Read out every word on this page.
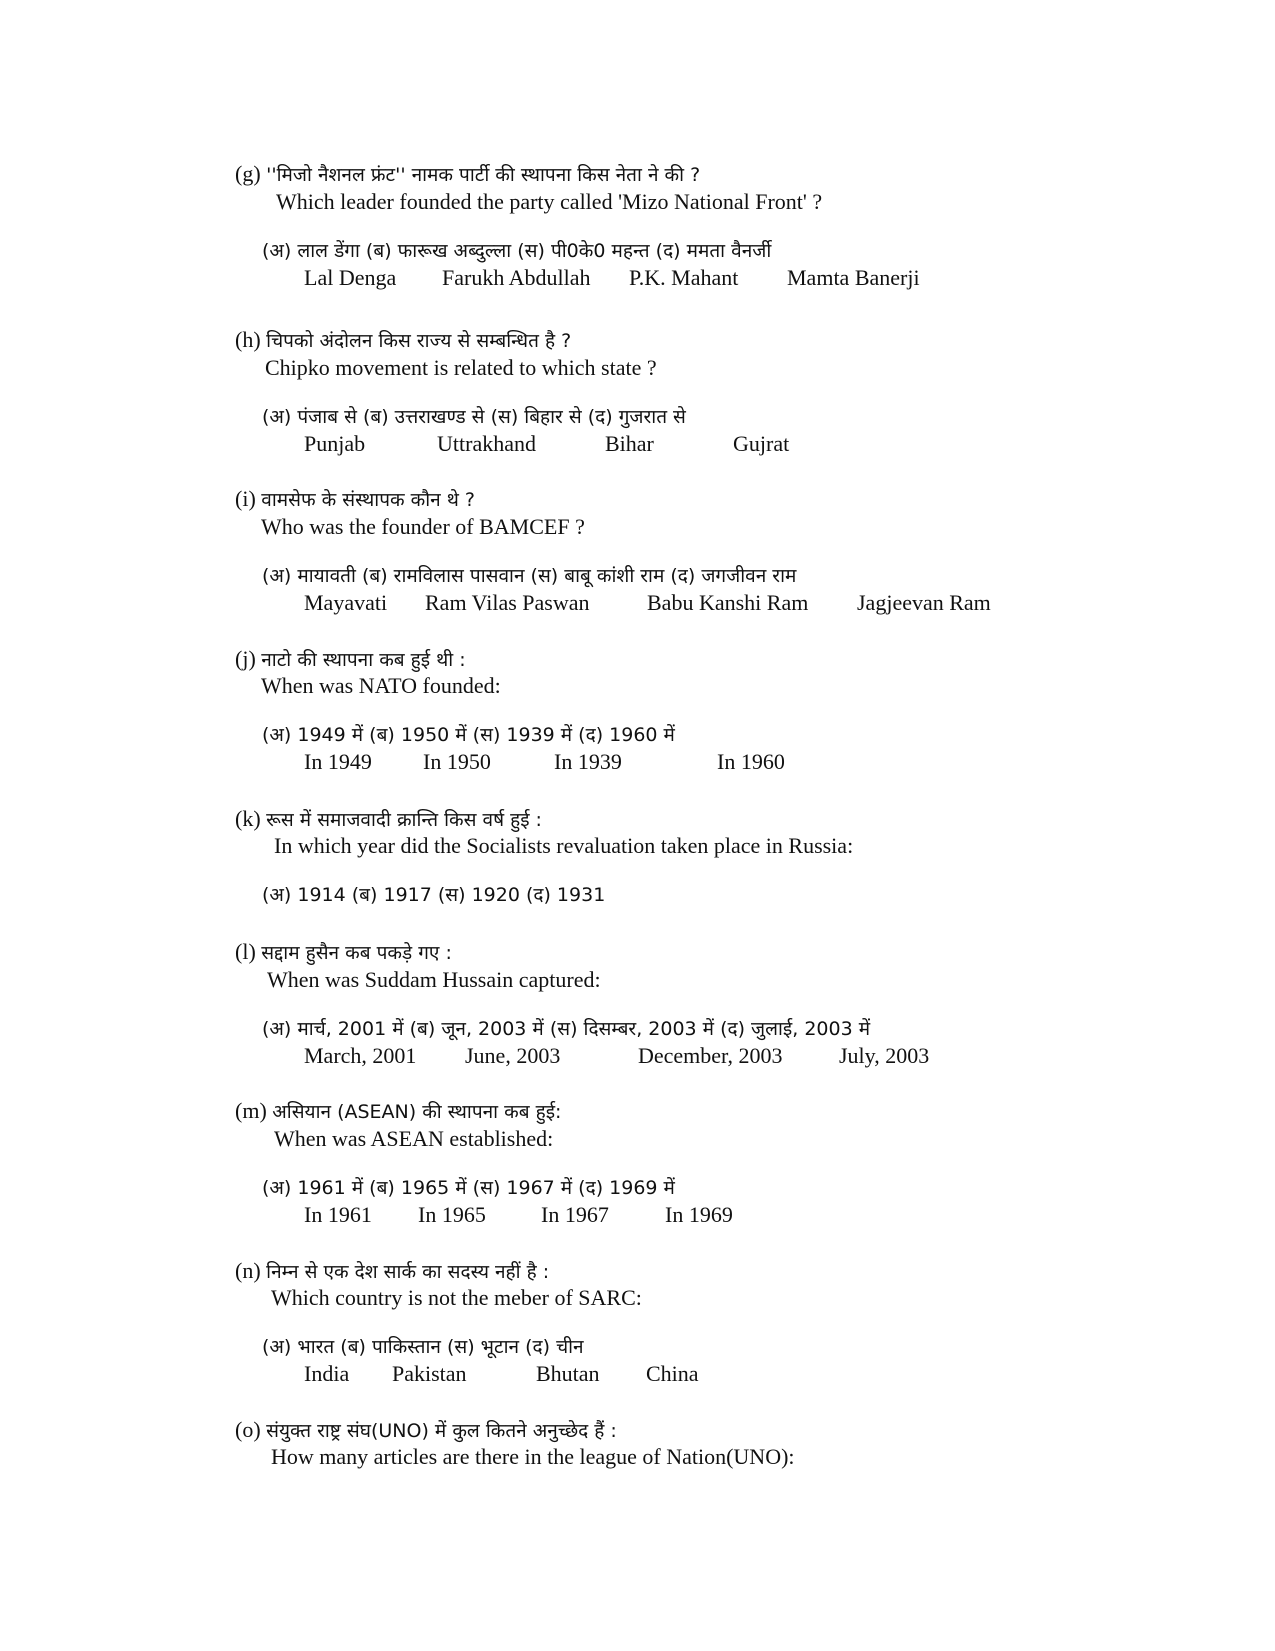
(g) ''मिजो नैशनल फ्रंट'' नामक पार्टी की स्थापना किस नेता ने की ?
Which leader founded the party called 'Mizo National Front' ?
(अ) लाल डेंगा (ब) फारूख अब्दुल्ला (स) पी0के0 महन्त (द) ममता वैनर्जी
Lal Denga Farukh Abdullah P.K. Mahant Mamta Banerji
(h) चिपको अंदोलन किस राज्य से सम्बन्धित है ?
Chipko movement is related to which state ?
(अ) पंजाब से (ब) उत्तराखण्ड से (स) बिहार से (द) गुजरात से
Punjab	Uttrakhand	Bihar	Gujrat
(i) वामसेफ के संस्थापक कौन थे ?
Who was the founder of BAMCEF ?
(अ) मायावती (ब) रामविलास पासवान (स) बाबू कांशी राम (द) जगजीवन राम
Mayavati Ram Vilas Paswan	Babu Kanshi Ram Jagjeevan Ram
(j) नाटो की स्थापना कब हुई थी :
When was NATO founded:
(अ) 1949 में (ब) 1950 में (स) 1939 में (द) 1960 में
In 1949 In 1950	In 1939	In 1960
(k) रूस में समाजवादी क्रान्ति किस वर्ष हुई :
In which year did the Socialists revaluation taken place in Russia:
(अ) 1914 (ब) 1917 (स) 1920 (द) 1931
(l) सद्दाम हुसैन कब पकड़े गए :
When was Suddam Hussain captured:
(अ) मार्च, 2001 में (ब) जून, 2003 में (स) दिसम्बर, 2003 में (द) जुलाई, 2003 में
March, 2001 June, 2003	December, 2003	July, 2003
(m) असियान (ASEAN) की स्थापना कब हुई:
When was ASEAN established:
(अ) 1961 में (ब) 1965 में (स) 1967 में (द) 1969 में
In 1961 In 1965	In 1967	In 1969
(n) निम्न से एक देश सार्क का सदस्य नहीं है :
Which country is not the meber of SARC:
(अ) भारत (ब) पाकिस्तान (स) भूटान (द) चीन
India Pakistan	Bhutan China
(o) संयुक्त राष्ट्र संघ(UNO) में कुल कितने अनुच्छेद हैं :
How many articles are there in the league of Nation(UNO):
